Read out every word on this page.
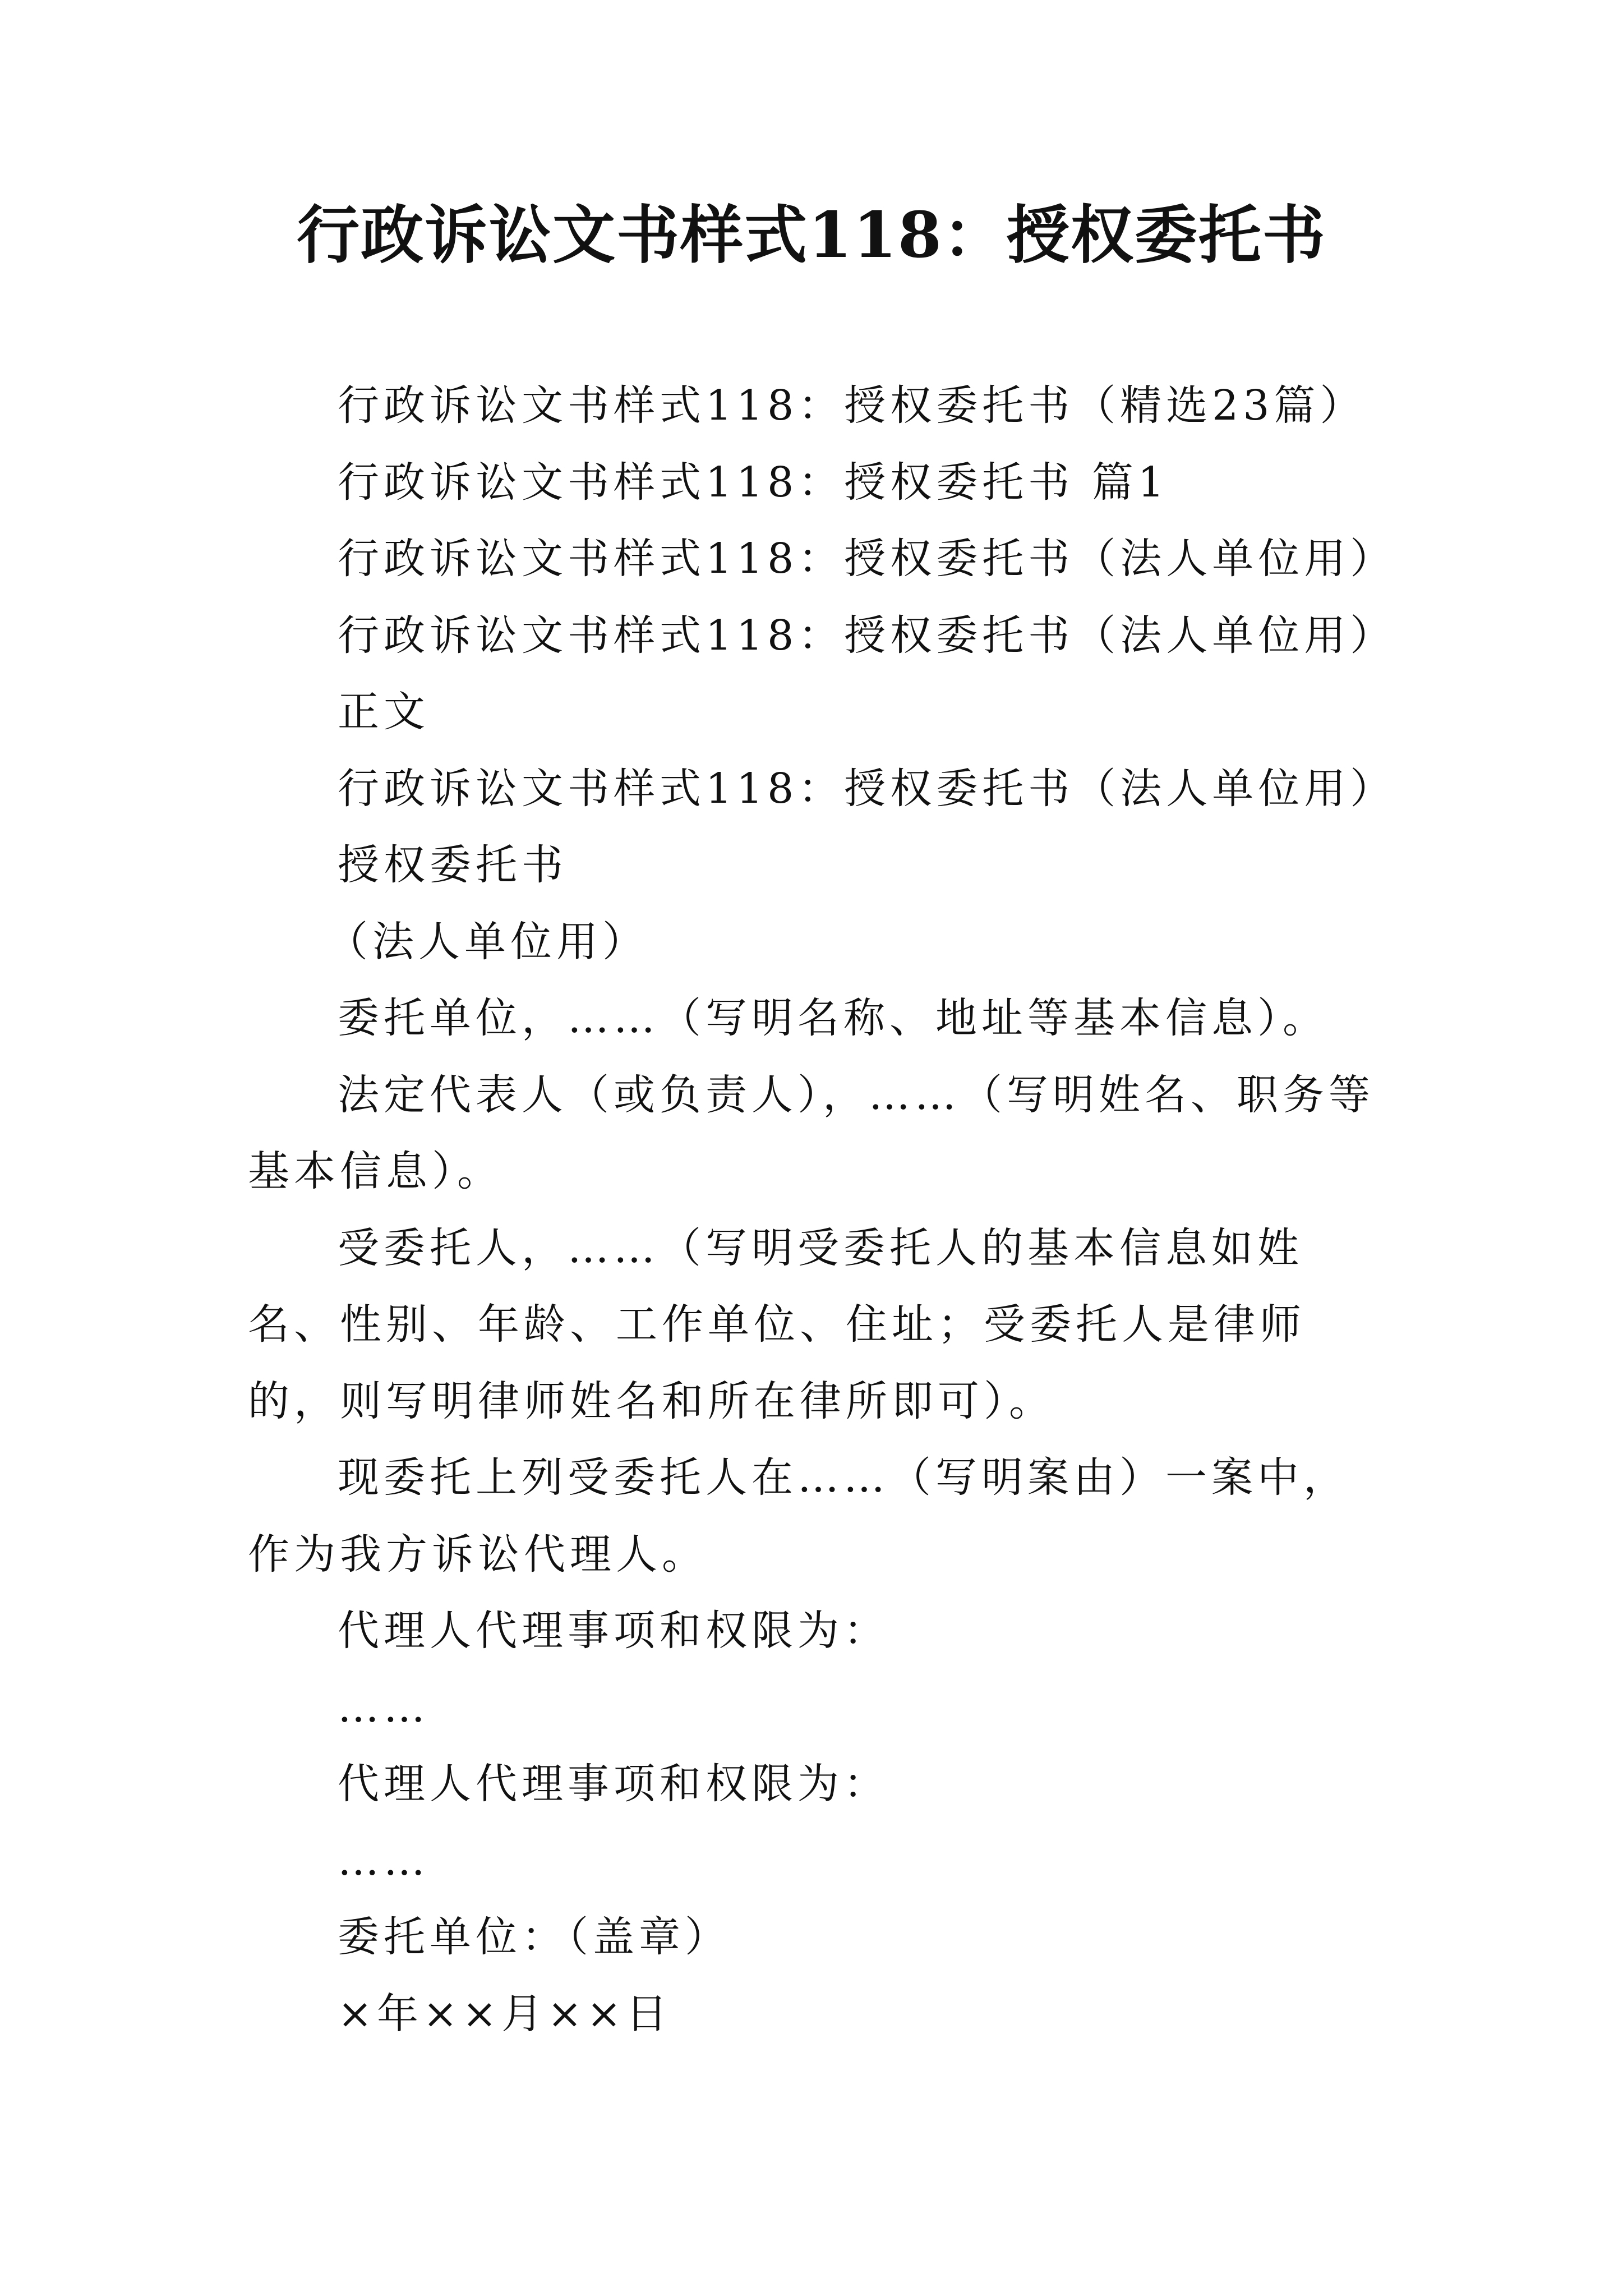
行政诉讼文书样式118：授权委托书

行政诉讼文书样式118：授权委托书（精选23篇）

行政诉讼文书样式118：授权委托书 篇1

行政诉讼文书样式118：授权委托书（法人单位用）

行政诉讼文书样式118：授权委托书（法人单位用）

正文

行政诉讼文书样式118：授权委托书（法人单位用）

授权委托书

（法人单位用）

委托单位，……（写明名称、地址等基本信息）。

法定代表人（或负责人），……（写明姓名、职务等基本信息）。

受委托人，……（写明受委托人的基本信息如姓名、性别、年龄、工作单位、住址；受委托人是律师的，则写明律师姓名和所在律所即可）。

现委托上列受委托人在……（写明案由）一案中，作为我方诉讼代理人。

代理人代理事项和权限为：

……

代理人代理事项和权限为：

……

委托单位：（盖章）

×年××月××日
